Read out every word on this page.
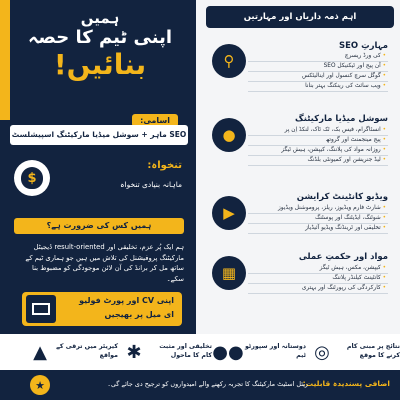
ہمیں
اپنی ٹیم کا حصہ
بنائیں!
اسامی:
SEO ماہر + سوشل میڈیا مارکیٹنگ اسپیشلسٹ
$
تنخواہ:
ماہانہ بنیادی تنخواہ
ہمیں کس کی ضرورت ہے؟
ہم ایک پُر عزم، تخلیقی اور result-oriented ڈیجیٹل مارکیٹنگ پروفیشنل کی تلاش میں ہیں جو ہماری ٹیم کے ساتھ مل کر برانڈ کی آن لائن موجودگی کو مضبوط بنا سکے۔
اپنی CV اور پورٹ فولیو
ای میل پر بھیجیں
اہم ذمہ داریاں اور مہارتیں
⚲
مہارتِ SEO
• کی ورڈ ریسرچ
• آن پیج اور ٹیکنیکل SEO
• گوگل سرچ کنسول اور اینالیٹکس
• ویب سائٹ کی رینکنگ بہتر بنانا
●
سوشل میڈیا مارکیٹنگ
• انسٹاگرام، فیس بک، ٹک ٹاک، لنکڈ اِن پر
• پیج مینجمنٹ اور گروتھ
• روزانہ مواد کی پلاننگ، کیپشن، ہیش ٹیگز
• لیڈ جنریشن اور کمیونٹی بلڈنگ
▶
ویڈیو کانٹینٹ کرایشن
• شارٹ فارم ویڈیوز، ریلز، پروموشنل ویڈیوز
• شوٹنگ، ایڈیٹنگ اور پوسٹنگ
• تخلیقی اور ٹرینڈنگ ویڈیو آئیڈیاز
▦
مواد اور حکمتِ عملی
• کیپشن، مکس، ہیش ٹیگز
• کانٹینٹ کیلنڈر پلاننگ
• کارکردگی کی رپورٹنگ اور بہتری
▲	کیریئر میں ترقی کے مواقع ✱	تخلیقی اور مثبت کام کا ماحول ●● دوستانہ اور سپورٹو ٹیم ◎	نتائج پر مبنی کام کرنے کا موقع
★	اضافی پسندیدہ قابلیت:
ریئل اسٹیٹ مارکیٹنگ کا تجربہ رکھنے والے امیدواروں کو ترجیح دی جائے گی۔
